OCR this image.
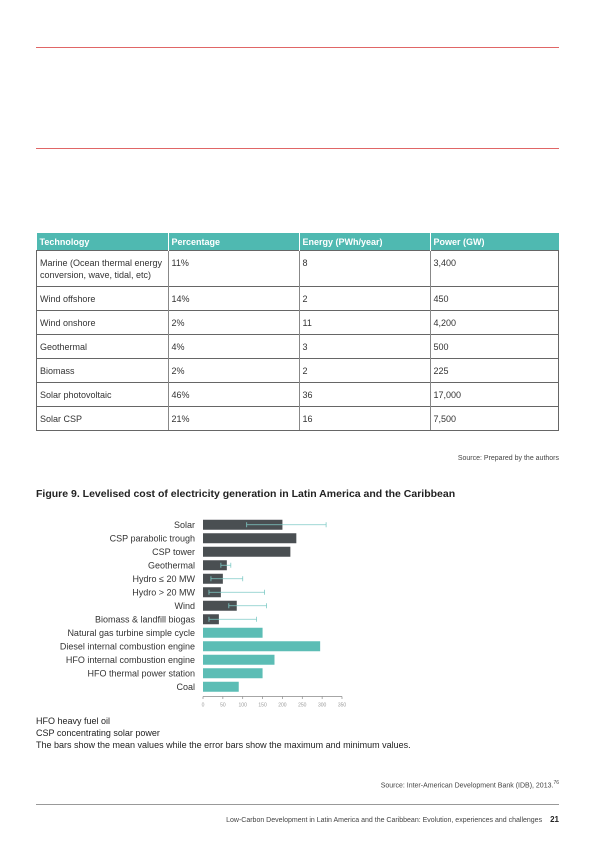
Technology	Percentage	Energy (PWh/year)	Power (GW)
Marine (Ocean thermal energy conversion, wave, tidal, etc)	11%	8	3,400
Wind offshore	14%	2	450
Wind onshore	2%	11	4,200
Geothermal	4%	3	500
Biomass	2%	2	225
Solar photovoltaic	46%	36	17,000
Solar CSP	21%	16	7,500
Source: Prepared by the authors
Figure 9. Levelised cost of electricity generation in Latin America and the Caribbean
Solar
CSP parabolic trough
CSP tower
Geothermal
Hydro ≤ 20 MW
Hydro > 20 MW
Wind
Biomass & landfill biogas
Natural gas turbine simple cycle
Diesel internal combustion engine
HFO internal combustion engine
HFO thermal power station
Coal
0	50	100 150 200 250 300 350
HFO heavy fuel oil
CSP concentrating solar power
The bars show the mean values while the error bars show the maximum and minimum values.
Source: Inter-American Development Bank (IDB), 2013.76
Low-Carbon Development in Latin America and the Caribbean: Evolution, experiences and challenges 21
